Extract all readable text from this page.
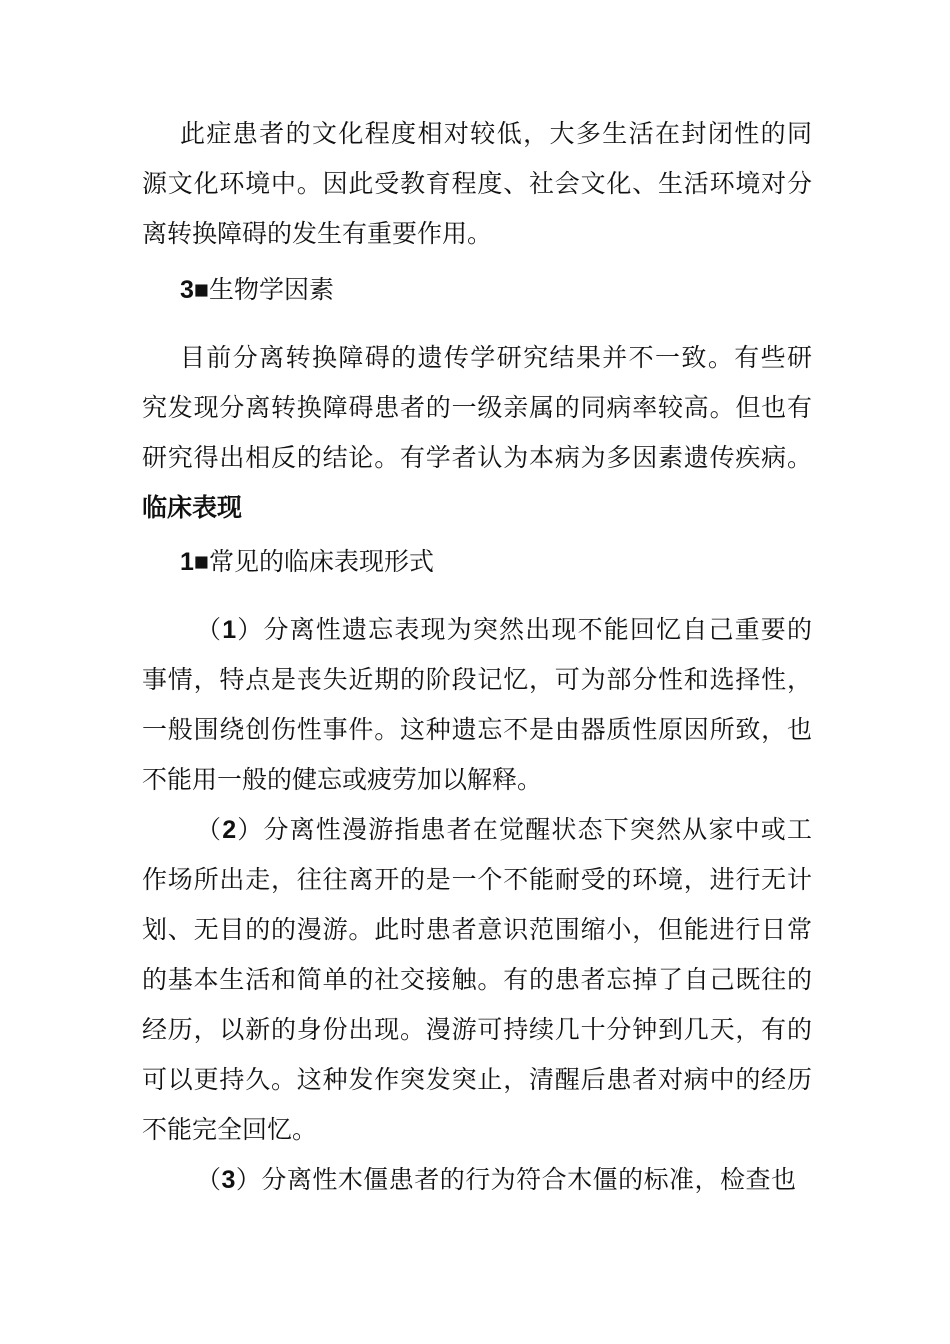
此症患者的文化程度相对较低，大多生活在封闭性的同
源文化环境中。因此受教育程度、社会文化、生活环境对分
离转换障碍的发生有重要作用。
3■生物学因素
目前分离转换障碍的遗传学研究结果并不一致。有些研
究发现分离转换障碍患者的一级亲属的同病率较高。但也有
研究得出相反的结论。有学者认为本病为多因素遗传疾病。
临床表现
1■常见的临床表现形式
（1）分离性遗忘表现为突然出现不能回忆自己重要的
事情，特点是丧失近期的阶段记忆，可为部分性和选择性，
一般围绕创伤性事件。这种遗忘不是由器质性原因所致，也
不能用一般的健忘或疲劳加以解释。
（2）分离性漫游指患者在觉醒状态下突然从家中或工
作场所出走，往往离开的是一个不能耐受的环境，进行无计
划、无目的的漫游。此时患者意识范围缩小，但能进行日常
的基本生活和简单的社交接触。有的患者忘掉了自己既往的
经历，以新的身份出现。漫游可持续几十分钟到几天，有的
可以更持久。这种发作突发突止，清醒后患者对病中的经历
不能完全回忆。
（3）分离性木僵患者的行为符合木僵的标准，检查也
